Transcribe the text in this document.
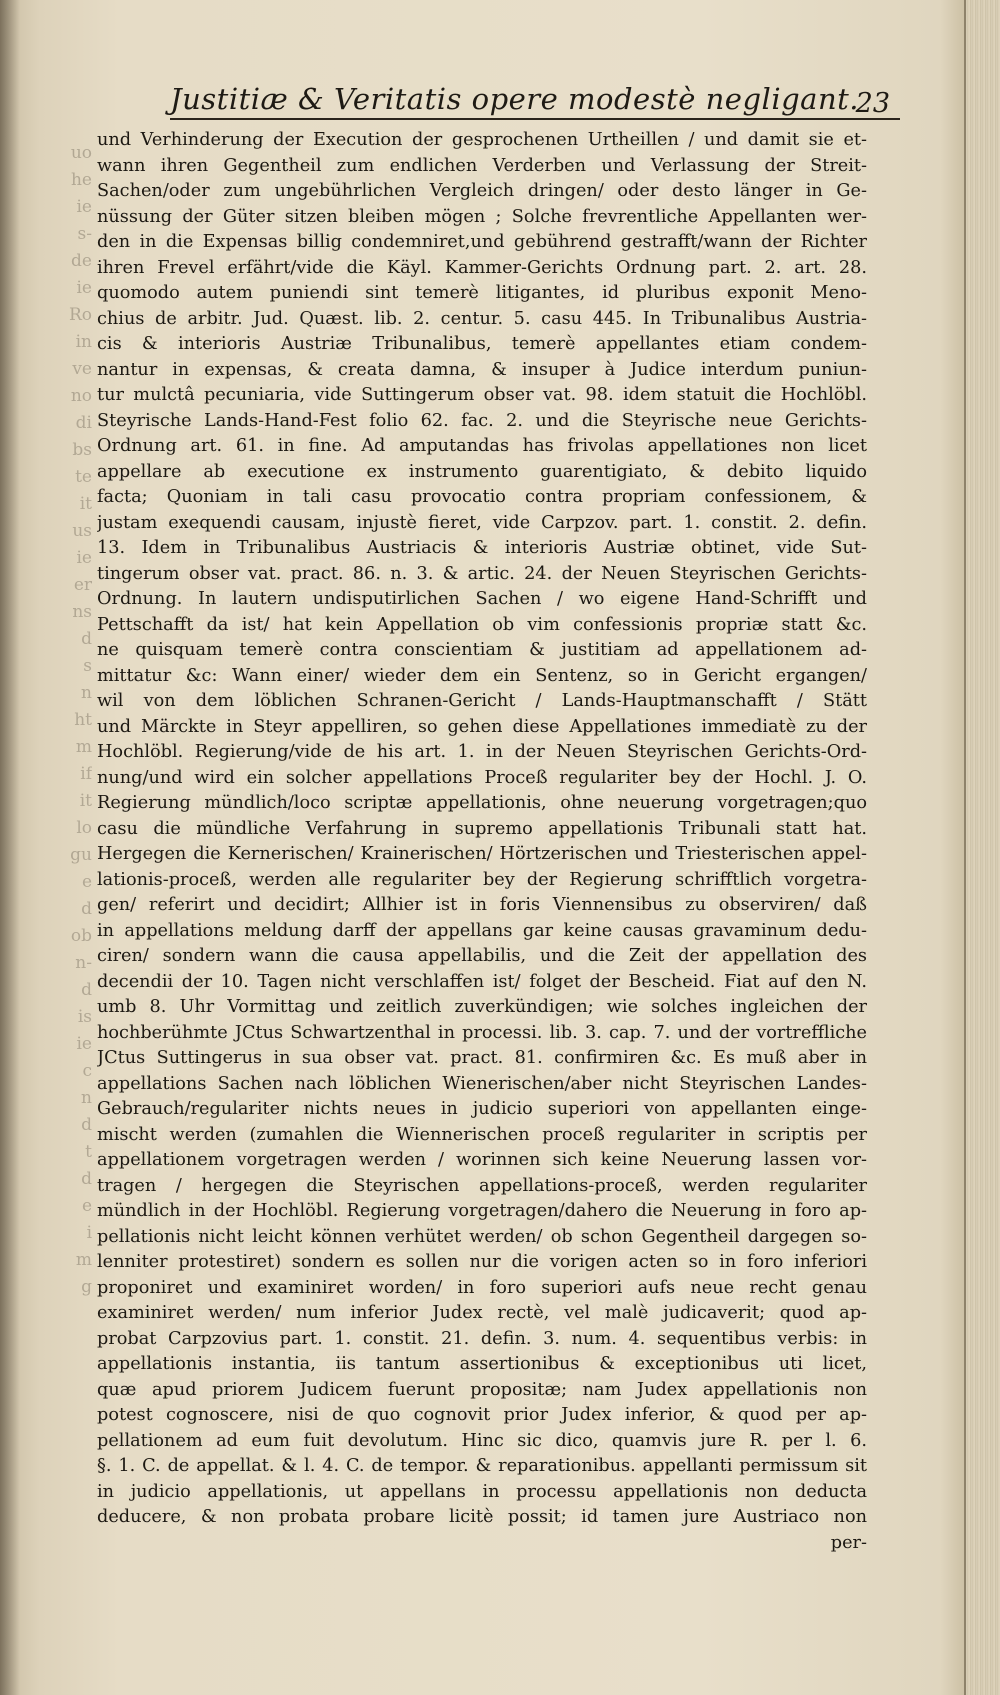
uo
he
ie
s-
de
ie
Ro
in
ve
no
di
bs
te
it
us
ie
er
ns
d
s
n
ht
m
if
it
lo
gu
e
d
ob
n-
d
is
ie
c
n
d
t
d
e
i
m
g

Justitiæ & Veritatis opere modestè negligant.
23
und Verhinderung der Execution der gesprochenen Urtheillen / und damit sie et-
wann ihren Gegentheil zum endlichen Verderben und Verlassung der Streit-
Sachen/oder zum ungebührlichen Vergleich dringen/ oder desto länger in Ge-
nüssung der Güter sitzen bleiben mögen ; Solche frevrentliche Appellanten wer-
den in die Expensas billig condemniret,und gebührend gestrafft/wann der Richter
ihren Frevel erfährt/vide die Käyl. Kammer-Gerichts Ordnung part. 2. art. 28.
quomodo autem puniendi sint temerè litigantes, id pluribus exponit Meno-
chius de arbitr. Jud. Quæst. lib. 2. centur. 5. casu 445. In Tribunalibus Austria-
cis & interioris Austriæ Tribunalibus, temerè appellantes etiam condem-
nantur in expensas, & creata damna, & insuper à Judice interdum puniun-
tur mulctâ pecuniaria, vide Suttingerum obser vat. 98. idem statuit die Hochlöbl.
Steyrische Lands-Hand-Fest folio 62. fac. 2. und die Steyrische neue Gerichts-
Ordnung art. 61. in fine. Ad amputandas has frivolas appellationes non licet
appellare ab executione ex instrumento guarentigiato, & debito liquido
facta; Quoniam in tali casu provocatio contra propriam confessionem, &
justam exequendi causam, injustè fieret, vide Carpzov. part. 1. constit. 2. defin.
13. Idem in Tribunalibus Austriacis & interioris Austriæ obtinet, vide Sut-
tingerum obser vat. pract. 86. n. 3. & artic. 24. der Neuen Steyrischen Gerichts-
Ordnung. In lautern undisputirlichen Sachen / wo eigene Hand-Schrifft und
Pettschafft da ist/ hat kein Appellation ob vim confessionis propriæ statt &c.
ne quisquam temerè contra conscientiam & justitiam ad appellationem ad-
mittatur &c: Wann einer/ wieder dem ein Sentenz, so in Gericht ergangen/
wil von dem löblichen Schranen-Gericht / Lands-Hauptmanschafft / Stätt
und Märckte in Steyr appelliren, so gehen diese Appellationes immediatè zu der
Hochlöbl. Regierung/vide de his art. 1. in der Neuen Steyrischen Gerichts-Ord-
nung/und wird ein solcher appellations Proceß regulariter bey der Hochl. J. O.
Regierung mündlich/loco scriptæ appellationis, ohne neuerung vorgetragen;quo
casu die mündliche Verfahrung in supremo appellationis Tribunali statt hat.
Hergegen die Kernerischen/ Krainerischen/ Hörtzerischen und Triesterischen appel-
lationis-proceß, werden alle regulariter bey der Regierung schrifftlich vorgetra-
gen/ referirt und decidirt; Allhier ist in foris Viennensibus zu observiren/ daß
in appellations meldung darff der appellans gar keine causas gravaminum dedu-
ciren/ sondern wann die causa appellabilis, und die Zeit der appellation des
decendii der 10. Tagen nicht verschlaffen ist/ folget der Bescheid. Fiat auf den N.
umb 8. Uhr Vormittag und zeitlich zuverkündigen; wie solches ingleichen der
hochberühmte JCtus Schwartzenthal in processi. lib. 3. cap. 7. und der vortreffliche
JCtus Suttingerus in sua obser vat. pract. 81. confirmiren &c. Es muß aber in
appellations Sachen nach löblichen Wienerischen/aber nicht Steyrischen Landes-
Gebrauch/regulariter nichts neues in judicio superiori von appellanten einge-
mischt werden (zumahlen die Wiennerischen proceß regulariter in scriptis per
appellationem vorgetragen werden / worinnen sich keine Neuerung lassen vor-
tragen / hergegen die Steyrischen appellations-proceß, werden regulariter
mündlich in der Hochlöbl. Regierung vorgetragen/dahero die Neuerung in foro ap-
pellationis nicht leicht können verhütet werden/ ob schon Gegentheil dargegen so-
lenniter protestiret) sondern es sollen nur die vorigen acten so in foro inferiori
proponiret und examiniret worden/ in foro superiori aufs neue recht genau
examiniret werden/ num inferior Judex rectè, vel malè judicaverit; quod ap-
probat Carpzovius part. 1. constit. 21. defin. 3. num. 4. sequentibus verbis: in
appellationis instantia, iis tantum assertionibus & exceptionibus uti licet,
quæ apud priorem Judicem fuerunt propositæ; nam Judex appellationis non
potest cognoscere, nisi de quo cognovit prior Judex inferior, & quod per ap-
pellationem ad eum fuit devolutum. Hinc sic dico, quamvis jure R. per l. 6.
§. 1. C. de appellat. & l. 4. C. de tempor. & reparationibus. appellanti permissum sit
in judicio appellationis, ut appellans in processu appellationis non deducta
deducere, & non probata probare licitè possit; id tamen jure Austriaco non
per-
